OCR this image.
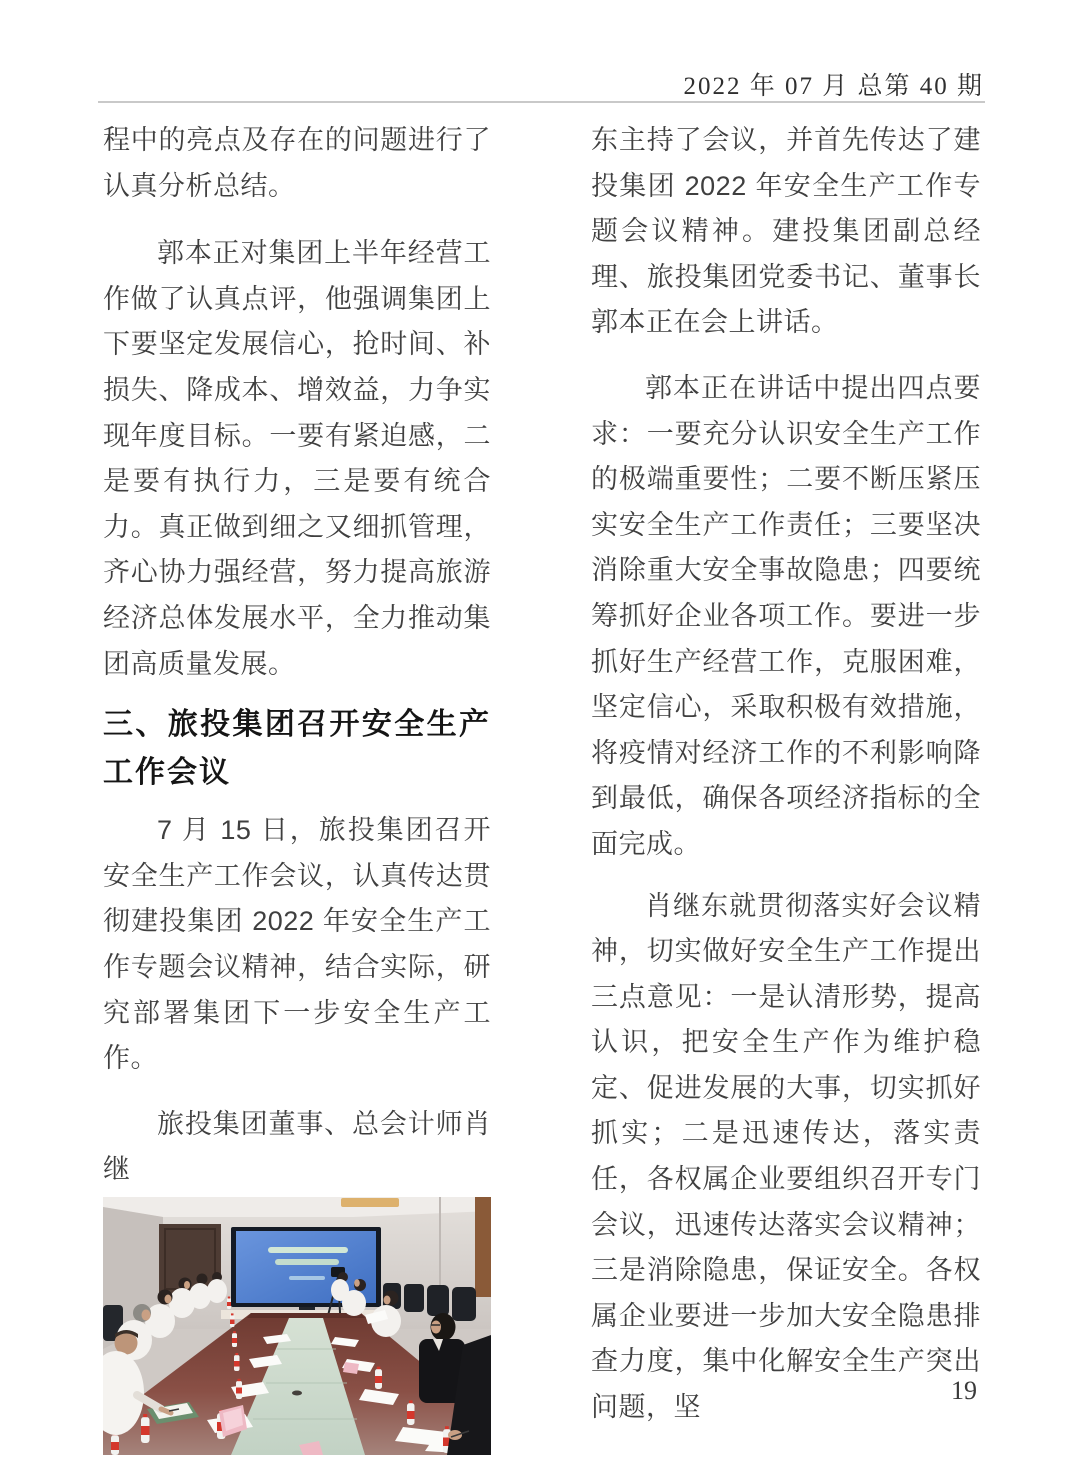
2022 年 07 月 总第 40 期

程中的亮点及存在的问题进行了认真分析总结。

郭本正对集团上半年经营工作做了认真点评，他强调集团上下要坚定发展信心，抢时间、补损失、降成本、增效益，力争实现年度目标。一要有紧迫感，二是要有执行力，三是要有统合力。真正做到细之又细抓管理，齐心协力强经营，努力提高旅游经济总体发展水平，全力推动集团高质量发展。

三、旅投集团召开安全生产工作会议

7 月 15 日，旅投集团召开安全生产工作会议，认真传达贯彻建投集团 2022 年安全生产工作专题会议精神，结合实际，研究部署集团下一步安全生产工作。

旅投集团董事、总会计师肖继

东主持了会议，并首先传达了建投集团 2022 年安全生产工作专题会议精神。建投集团副总经理、旅投集团党委书记、董事长郭本正在会上讲话。

郭本正在讲话中提出四点要求：一要充分认识安全生产工作的极端重要性；二要不断压紧压实安全生产工作责任；三要坚决消除重大安全事故隐患；四要统筹抓好企业各项工作。要进一步抓好生产经营工作，克服困难，坚定信心，采取积极有效措施，将疫情对经济工作的不利影响降到最低，确保各项经济指标的全面完成。

肖继东就贯彻落实好会议精神，切实做好安全生产工作提出三点意见：一是认清形势，提高认识，把安全生产作为维护稳定、促进发展的大事，切实抓好抓实；二是迅速传达，落实责任，各权属企业要组织召开专门会议，迅速传达落实会议精神；三是消除隐患，保证安全。各权属企业要进一步加大安全隐患排查力度，集中化解安全生产突出问题，坚

19
